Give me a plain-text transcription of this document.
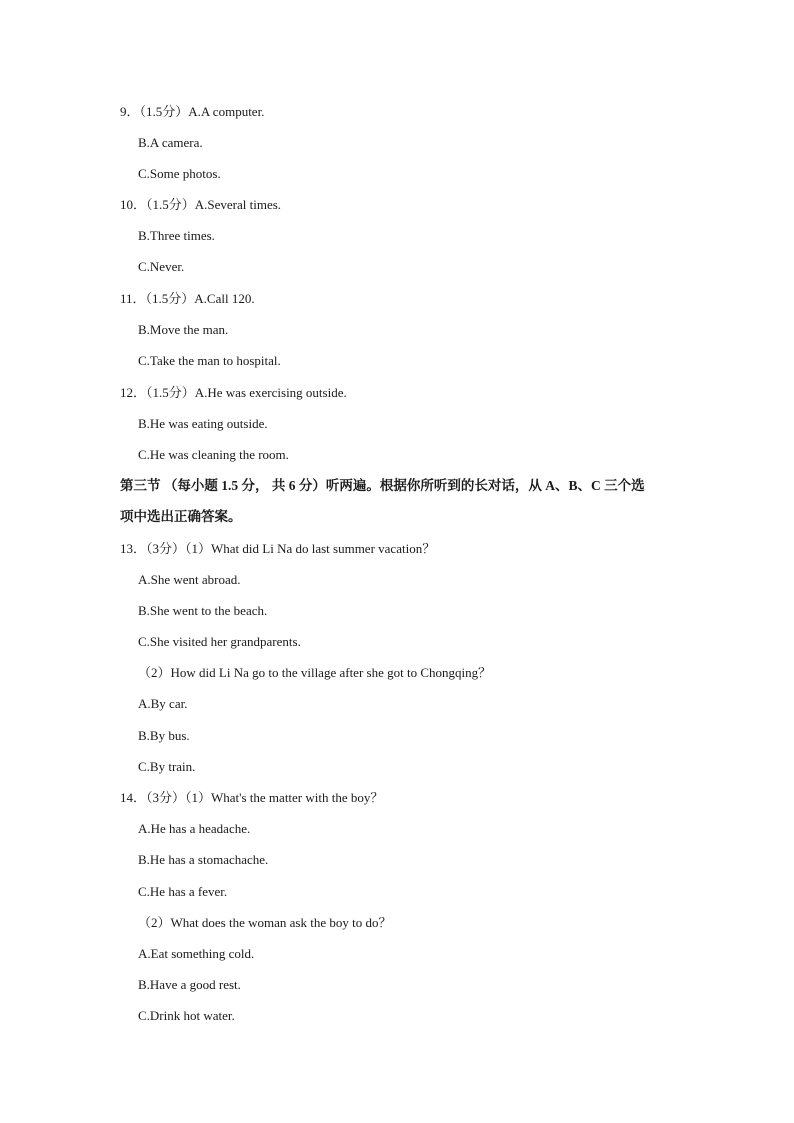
9．（1.5分）A.A computer.
B.A camera.
C.Some photos.
10．（1.5分）A.Several times.
B.Three times.
C.Never.
11．（1.5分）A.Call 120.
B.Move the man.
C.Take the man to hospital.
12．（1.5分）A.He was exercising outside.
B.He was eating outside.
C.He was cleaning the room.
第三节 （每小题 1.5 分， 共 6 分）听两遍。根据你所听到的长对话，从 A、B、C 三个选
项中选出正确答案。
13．（3分）（1）What did Li Na do last summer vacation？
A.She went abroad.
B.She went to the beach.
C.She visited her grandparents.
（2）How did Li Na go to the village after she got to Chongqing？
A.By car.
B.By bus.
C.By train.
14．（3分）（1）What's the matter with the boy？
A.He has a headache.
B.He has a stomachache.
C.He has a fever.
（2）What does the woman ask the boy to do？
A.Eat something cold.
B.Have a good rest.
C.Drink hot water.
